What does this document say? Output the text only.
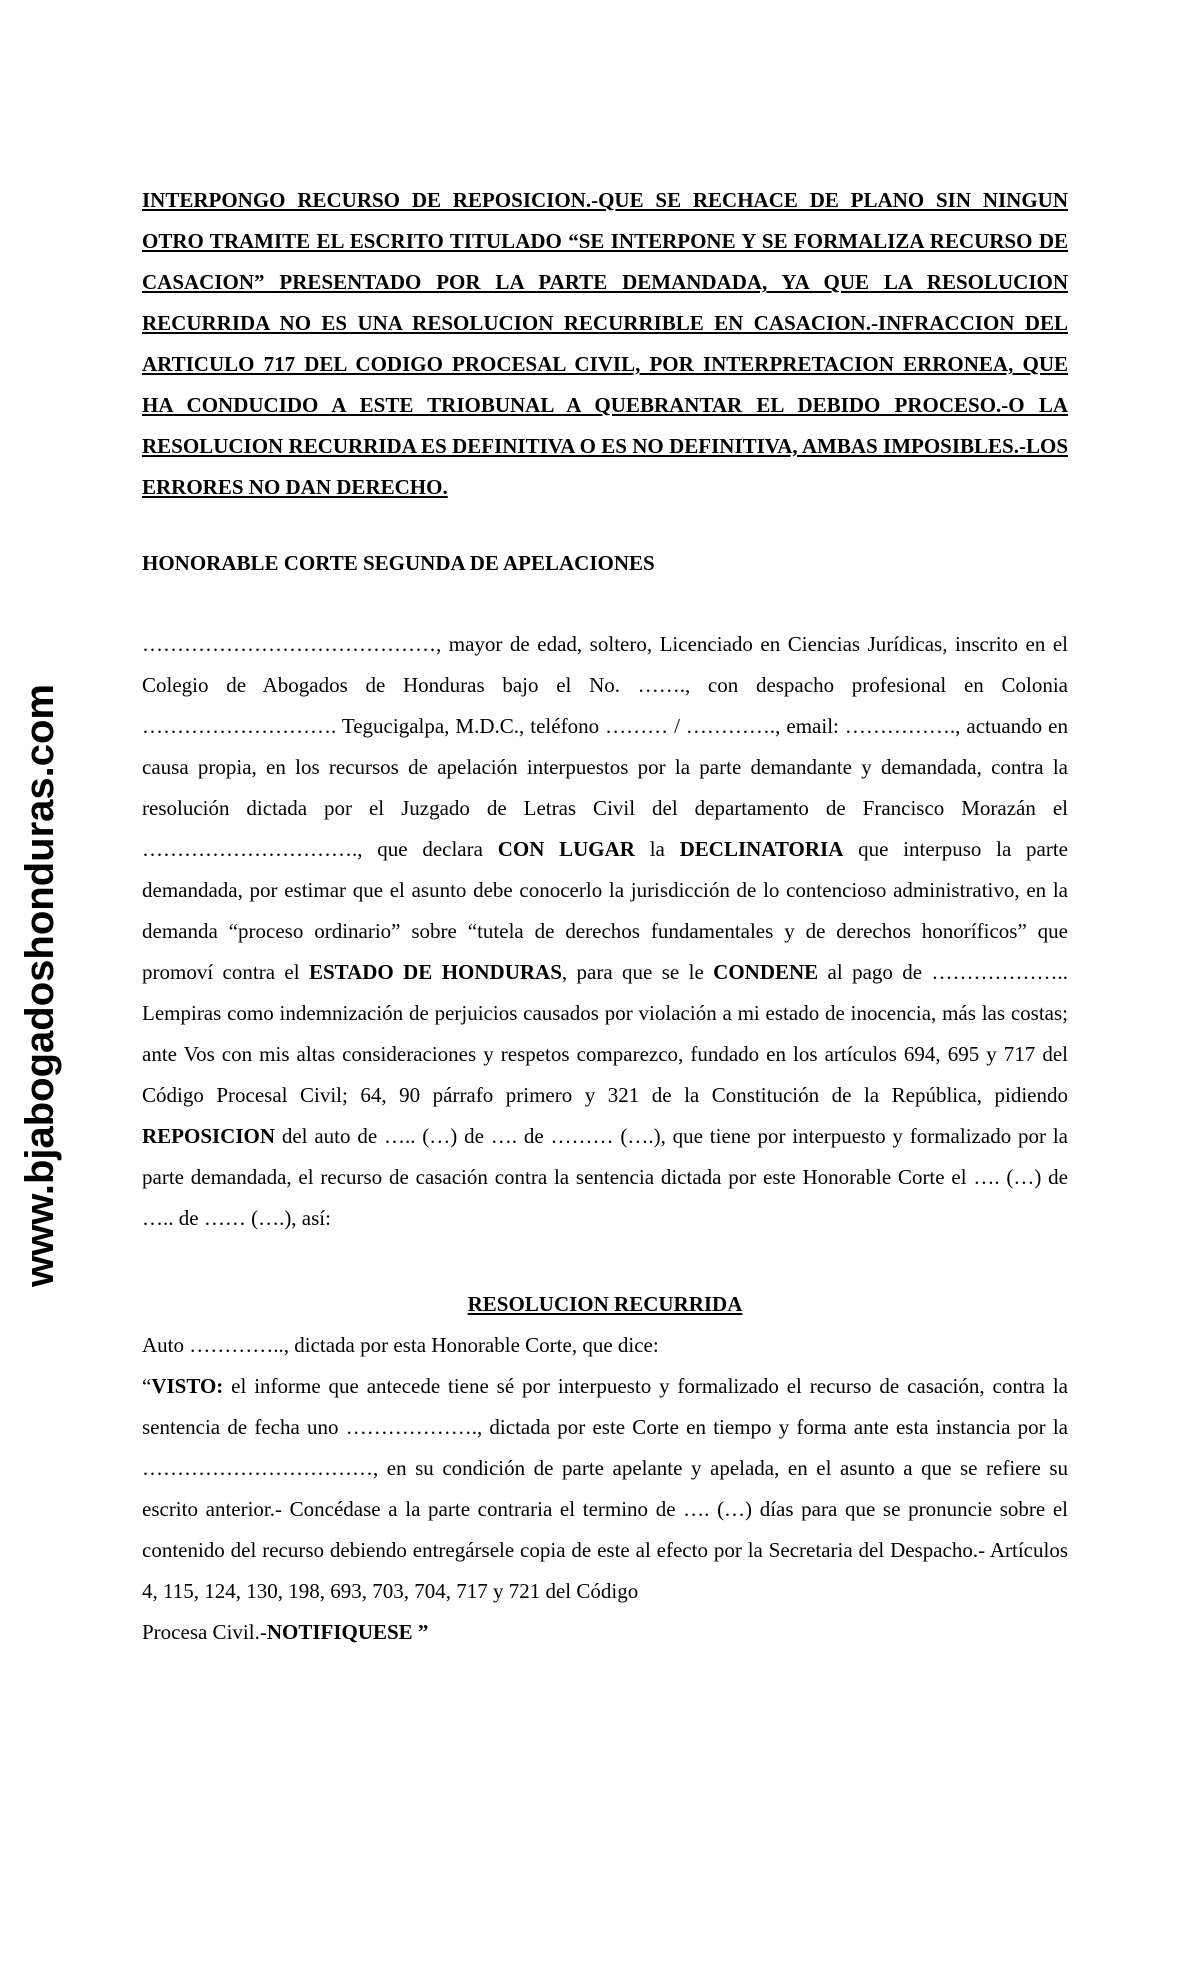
www.bjabogadoshonduras.com

INTERPONGO RECURSO DE REPOSICION.-QUE SE RECHACE DE PLANO SIN NINGUN OTRO TRAMITE EL ESCRITO TITULADO “SE INTERPONE Y SE FORMALIZA RECURSO DE CASACION” PRESENTADO POR LA PARTE DEMANDADA, YA QUE LA RESOLUCION RECURRIDA NO ES UNA RESOLUCION RECURRIBLE EN CASACION.-INFRACCION DEL ARTICULO 717 DEL CODIGO PROCESAL CIVIL, POR INTERPRETACION ERRONEA, QUE HA CONDUCIDO A ESTE TRIOBUNAL A QUEBRANTAR EL DEBIDO PROCESO.-O LA RESOLUCION RECURRIDA ES DEFINITIVA O ES NO DEFINITIVA, AMBAS IMPOSIBLES.-LOS ERRORES NO DAN DERECHO.

HONORABLE CORTE SEGUNDA DE APELACIONES

……………………………………, mayor de edad, soltero, Licenciado en Ciencias Jurídicas, inscrito en el Colegio de Abogados de Honduras bajo el No. ……., con despacho profesional en Colonia ………………………. Tegucigalpa, M.D.C., teléfono ……… / …………., email: ……………., actuando en causa propia, en los recursos de apelación interpuestos por la parte demandante y demandada, contra la resolución dictada por el Juzgado de Letras Civil del departamento de Francisco Morazán el …………………………., que declara CON LUGAR la DECLINATORIA que interpuso la parte demandada, por estimar que el asunto debe conocerlo la jurisdicción de lo contencioso administrativo, en la demanda “proceso ordinario” sobre “tutela de derechos fundamentales y de derechos honoríficos” que promoví contra el ESTADO DE HONDURAS, para que se le CONDENE al pago de ……………….. Lempiras como indemnización de perjuicios causados por violación a mi estado de inocencia, más las costas; ante Vos con mis altas consideraciones y respetos comparezco, fundado en los artículos 694, 695 y 717 del Código Procesal Civil; 64, 90 párrafo primero y 321 de la Constitución de la República, pidiendo REPOSICION del auto de ….. (…) de …. de ……… (….), que tiene por interpuesto y formalizado por la parte demandada, el recurso de casación contra la sentencia dictada por este Honorable Corte el …. (…) de ….. de …… (….), así:

RESOLUCION RECURRIDA

Auto ………….., dictada por esta Honorable Corte, que dice:

“VISTO: el informe que antecede tiene sé por interpuesto y formalizado el recurso de casación, contra la sentencia de fecha uno ………………., dictada por este Corte en tiempo y forma ante esta instancia por la ……………………………, en su condición de parte apelante y apelada, en el asunto a que se refiere su escrito anterior.- Concédase a la parte contraria el termino de …. (…) días para que se pronuncie sobre el contenido del recurso debiendo entregársele copia de este al efecto por la Secretaria del Despacho.- Artículos 4, 115, 124, 130, 198, 693, 703, 704, 717 y 721 del Código

Procesa Civil.-NOTIFIQUESE ”
